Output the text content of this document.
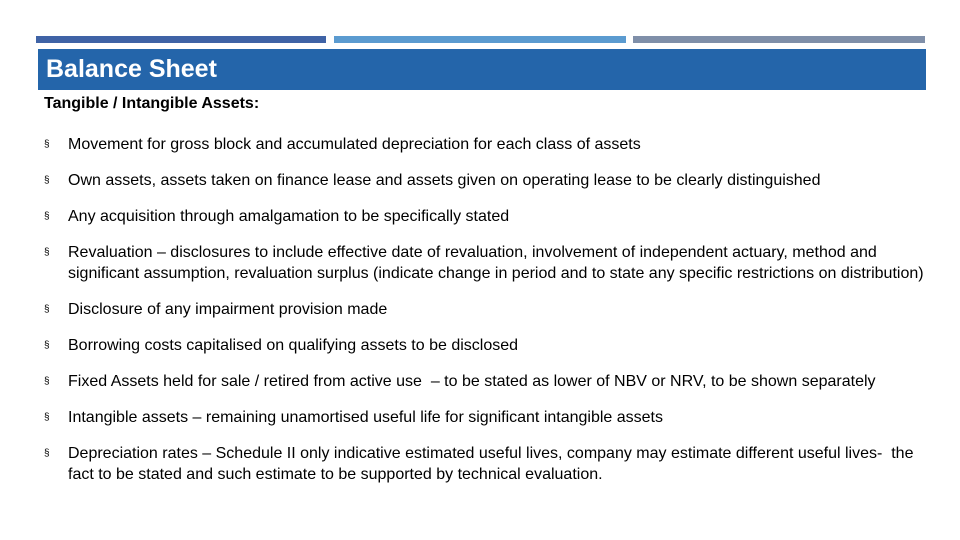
Balance Sheet
Tangible / Intangible Assets:
§	Movement for gross block and accumulated depreciation for each class of assets
§	Own assets, assets taken on finance lease and assets given on operating lease to be clearly distinguished
§	Any acquisition through amalgamation to be specifically stated
§	Revaluation – disclosures to include effective date of revaluation, involvement of independent actuary, method and significant assumption, revaluation surplus (indicate change in period and to state any specific restrictions on distribution)
§	Disclosure of any impairment provision made
§	Borrowing costs capitalised on qualifying assets to be disclosed
§	Fixed Assets held for sale / retired from active use  – to be stated as lower of NBV or NRV, to be shown separately
§	Intangible assets – remaining unamortised useful life for significant intangible assets
§	Depreciation rates – Schedule II only indicative estimated useful lives, company may estimate different useful lives-  the fact to be stated and such estimate to be supported by technical evaluation.
